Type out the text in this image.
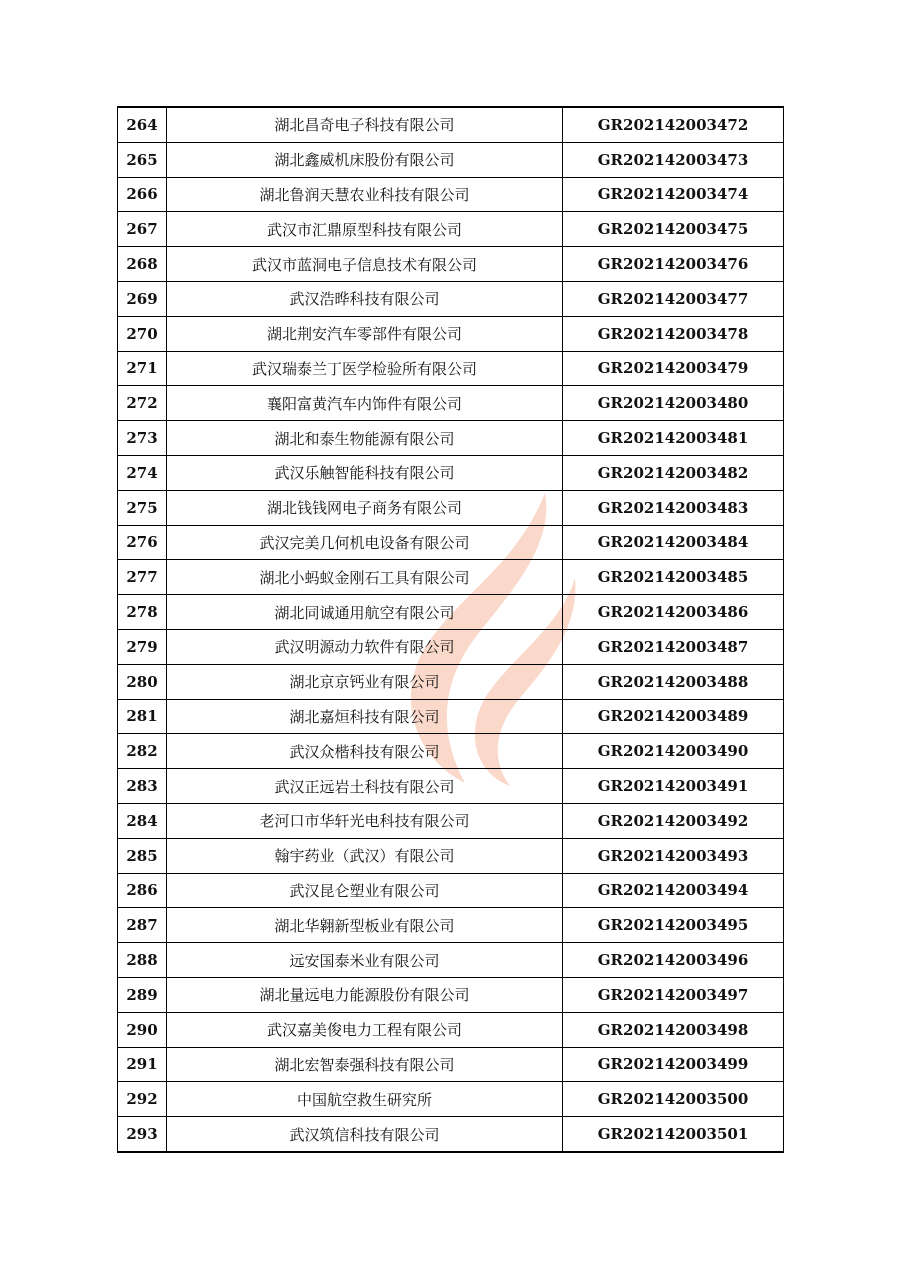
264	湖北昌奇电子科技有限公司	GR202142003472
265	湖北鑫威机床股份有限公司	GR202142003473
266	湖北鲁润天慧农业科技有限公司	GR202142003474
267	武汉市汇鼎原型科技有限公司	GR202142003475
268	武汉市蓝洞电子信息技术有限公司	GR202142003476
269	武汉浩晔科技有限公司	GR202142003477
270	湖北荆安汽车零部件有限公司	GR202142003478
271	武汉瑞泰兰丁医学检验所有限公司	GR202142003479
272	襄阳富黄汽车内饰件有限公司	GR202142003480
273	湖北和泰生物能源有限公司	GR202142003481
274	武汉乐触智能科技有限公司	GR202142003482
275	湖北钱钱网电子商务有限公司	GR202142003483
276	武汉完美几何机电设备有限公司	GR202142003484
277	湖北小蚂蚁金刚石工具有限公司	GR202142003485
278	湖北同诚通用航空有限公司	GR202142003486
279	武汉明源动力软件有限公司	GR202142003487
280	湖北京京钙业有限公司	GR202142003488
281	湖北嘉烜科技有限公司	GR202142003489
282	武汉众楷科技有限公司	GR202142003490
283	武汉正远岩土科技有限公司	GR202142003491
284	老河口市华轩光电科技有限公司	GR202142003492
285	翰宇药业（武汉）有限公司	GR202142003493
286	武汉昆仑塑业有限公司	GR202142003494
287	湖北华翱新型板业有限公司	GR202142003495
288	远安国泰米业有限公司	GR202142003496
289	湖北量远电力能源股份有限公司	GR202142003497
290	武汉嘉美俊电力工程有限公司	GR202142003498
291	湖北宏智泰强科技有限公司	GR202142003499
292	中国航空救生研究所	GR202142003500
293	武汉筑信科技有限公司	GR202142003501
